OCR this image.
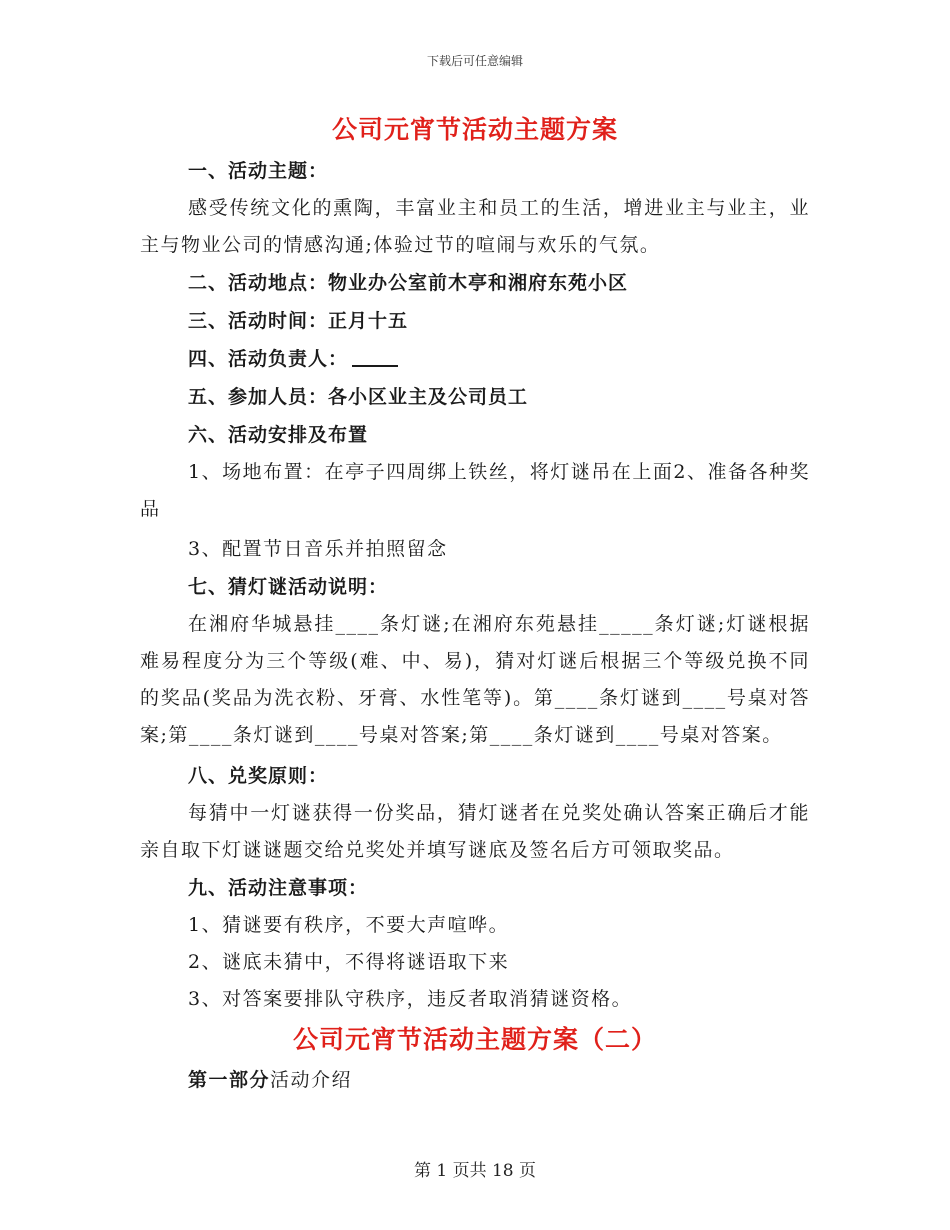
下载后可任意编辑
公司元宵节活动主题方案

一、活动主题：

感受传统文化的熏陶，丰富业主和员工的生活，增进业主与业主，业主与物业公司的情感沟通;体验过节的喧闹与欢乐的气氛。

二、活动地点：物业办公室前木亭和湘府东苑小区

三、活动时间：正月十五

四、活动负责人：

五、参加人员：各小区业主及公司员工

六、活动安排及布置

1、场地布置：在亭子四周绑上铁丝，将灯谜吊在上面2、准备各种奖品

3、配置节日音乐并拍照留念

七、猜灯谜活动说明：

在湘府华城悬挂____条灯谜;在湘府东苑悬挂_____条灯谜;灯谜根据难易程度分为三个等级(难、中、易)，猜对灯谜后根据三个等级兑换不同的奖品(奖品为洗衣粉、牙膏、水性笔等)。第____条灯谜到____号桌对答案;第____条灯谜到____号桌对答案;第____条灯谜到____号桌对答案。

八、兑奖原则：

每猜中一灯谜获得一份奖品，猜灯谜者在兑奖处确认答案正确后才能亲自取下灯谜谜题交给兑奖处并填写谜底及签名后方可领取奖品。

九、活动注意事项：

1、猜谜要有秩序，不要大声喧哗。

2、谜底未猜中，不得将谜语取下来

3、对答案要排队守秩序，违反者取消猜谜资格。

公司元宵节活动主题方案（二）

第一部分活动介绍

第 1 页共 18 页
